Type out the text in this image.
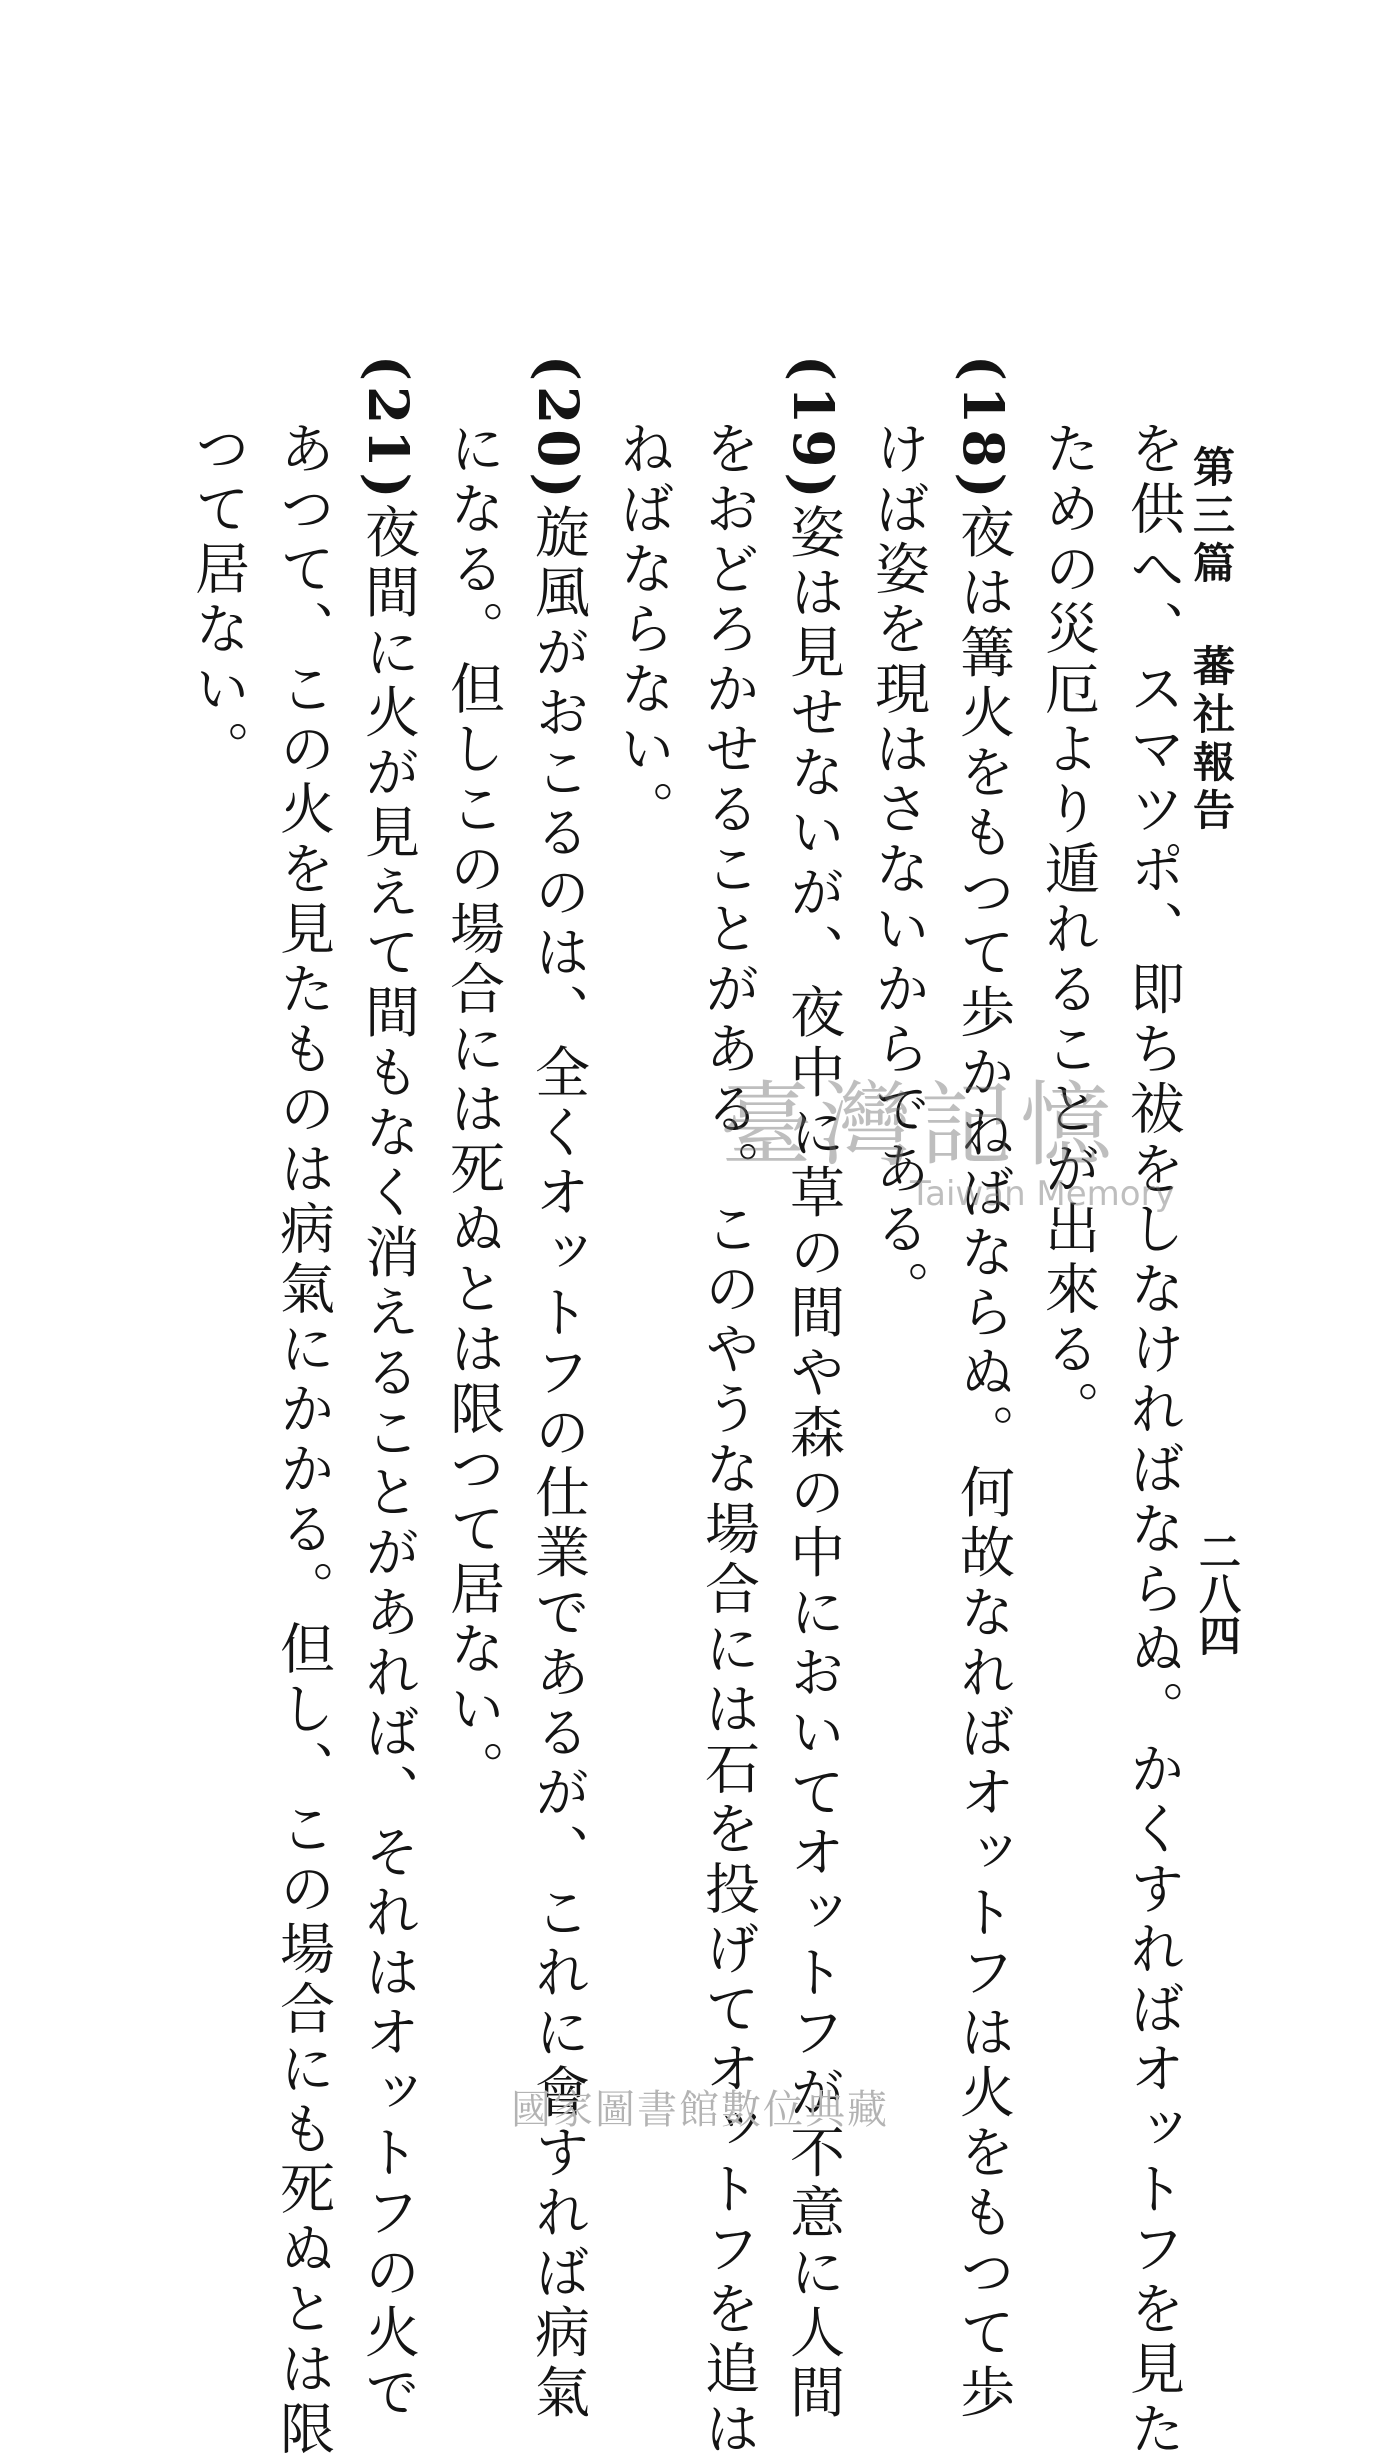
第三篇 蕃社報告
二八四
を供へ、スマツポ、即ち祓をしなければならぬ。かくすればオットフを見た
ための災厄より遁れることが出來る。
(18)夜は篝火をもつて歩かねばならぬ。何故なればオットフは火をもつて歩
けば姿を現はさないからである。
(19)姿は見せないが、夜中に草の間や森の中においてオットフが不意に人間
をおどろかせることがある。このやうな場合には石を投げてオットフを追は
ねばならない。
(20)旋風がおこるのは、全くオットフの仕業であるが、これに會すれば病氣
になる。但しこの場合には死ぬとは限つて居ない。
(21)夜間に火が見えて間もなく消えることがあれば、それはオットフの火で
あつて、この火を見たものは病氣にかかる。但し、この場合にも死ぬとは限
つて居ない。
臺灣記憶
Taiwan Memory
國家圖書館數位典藏
